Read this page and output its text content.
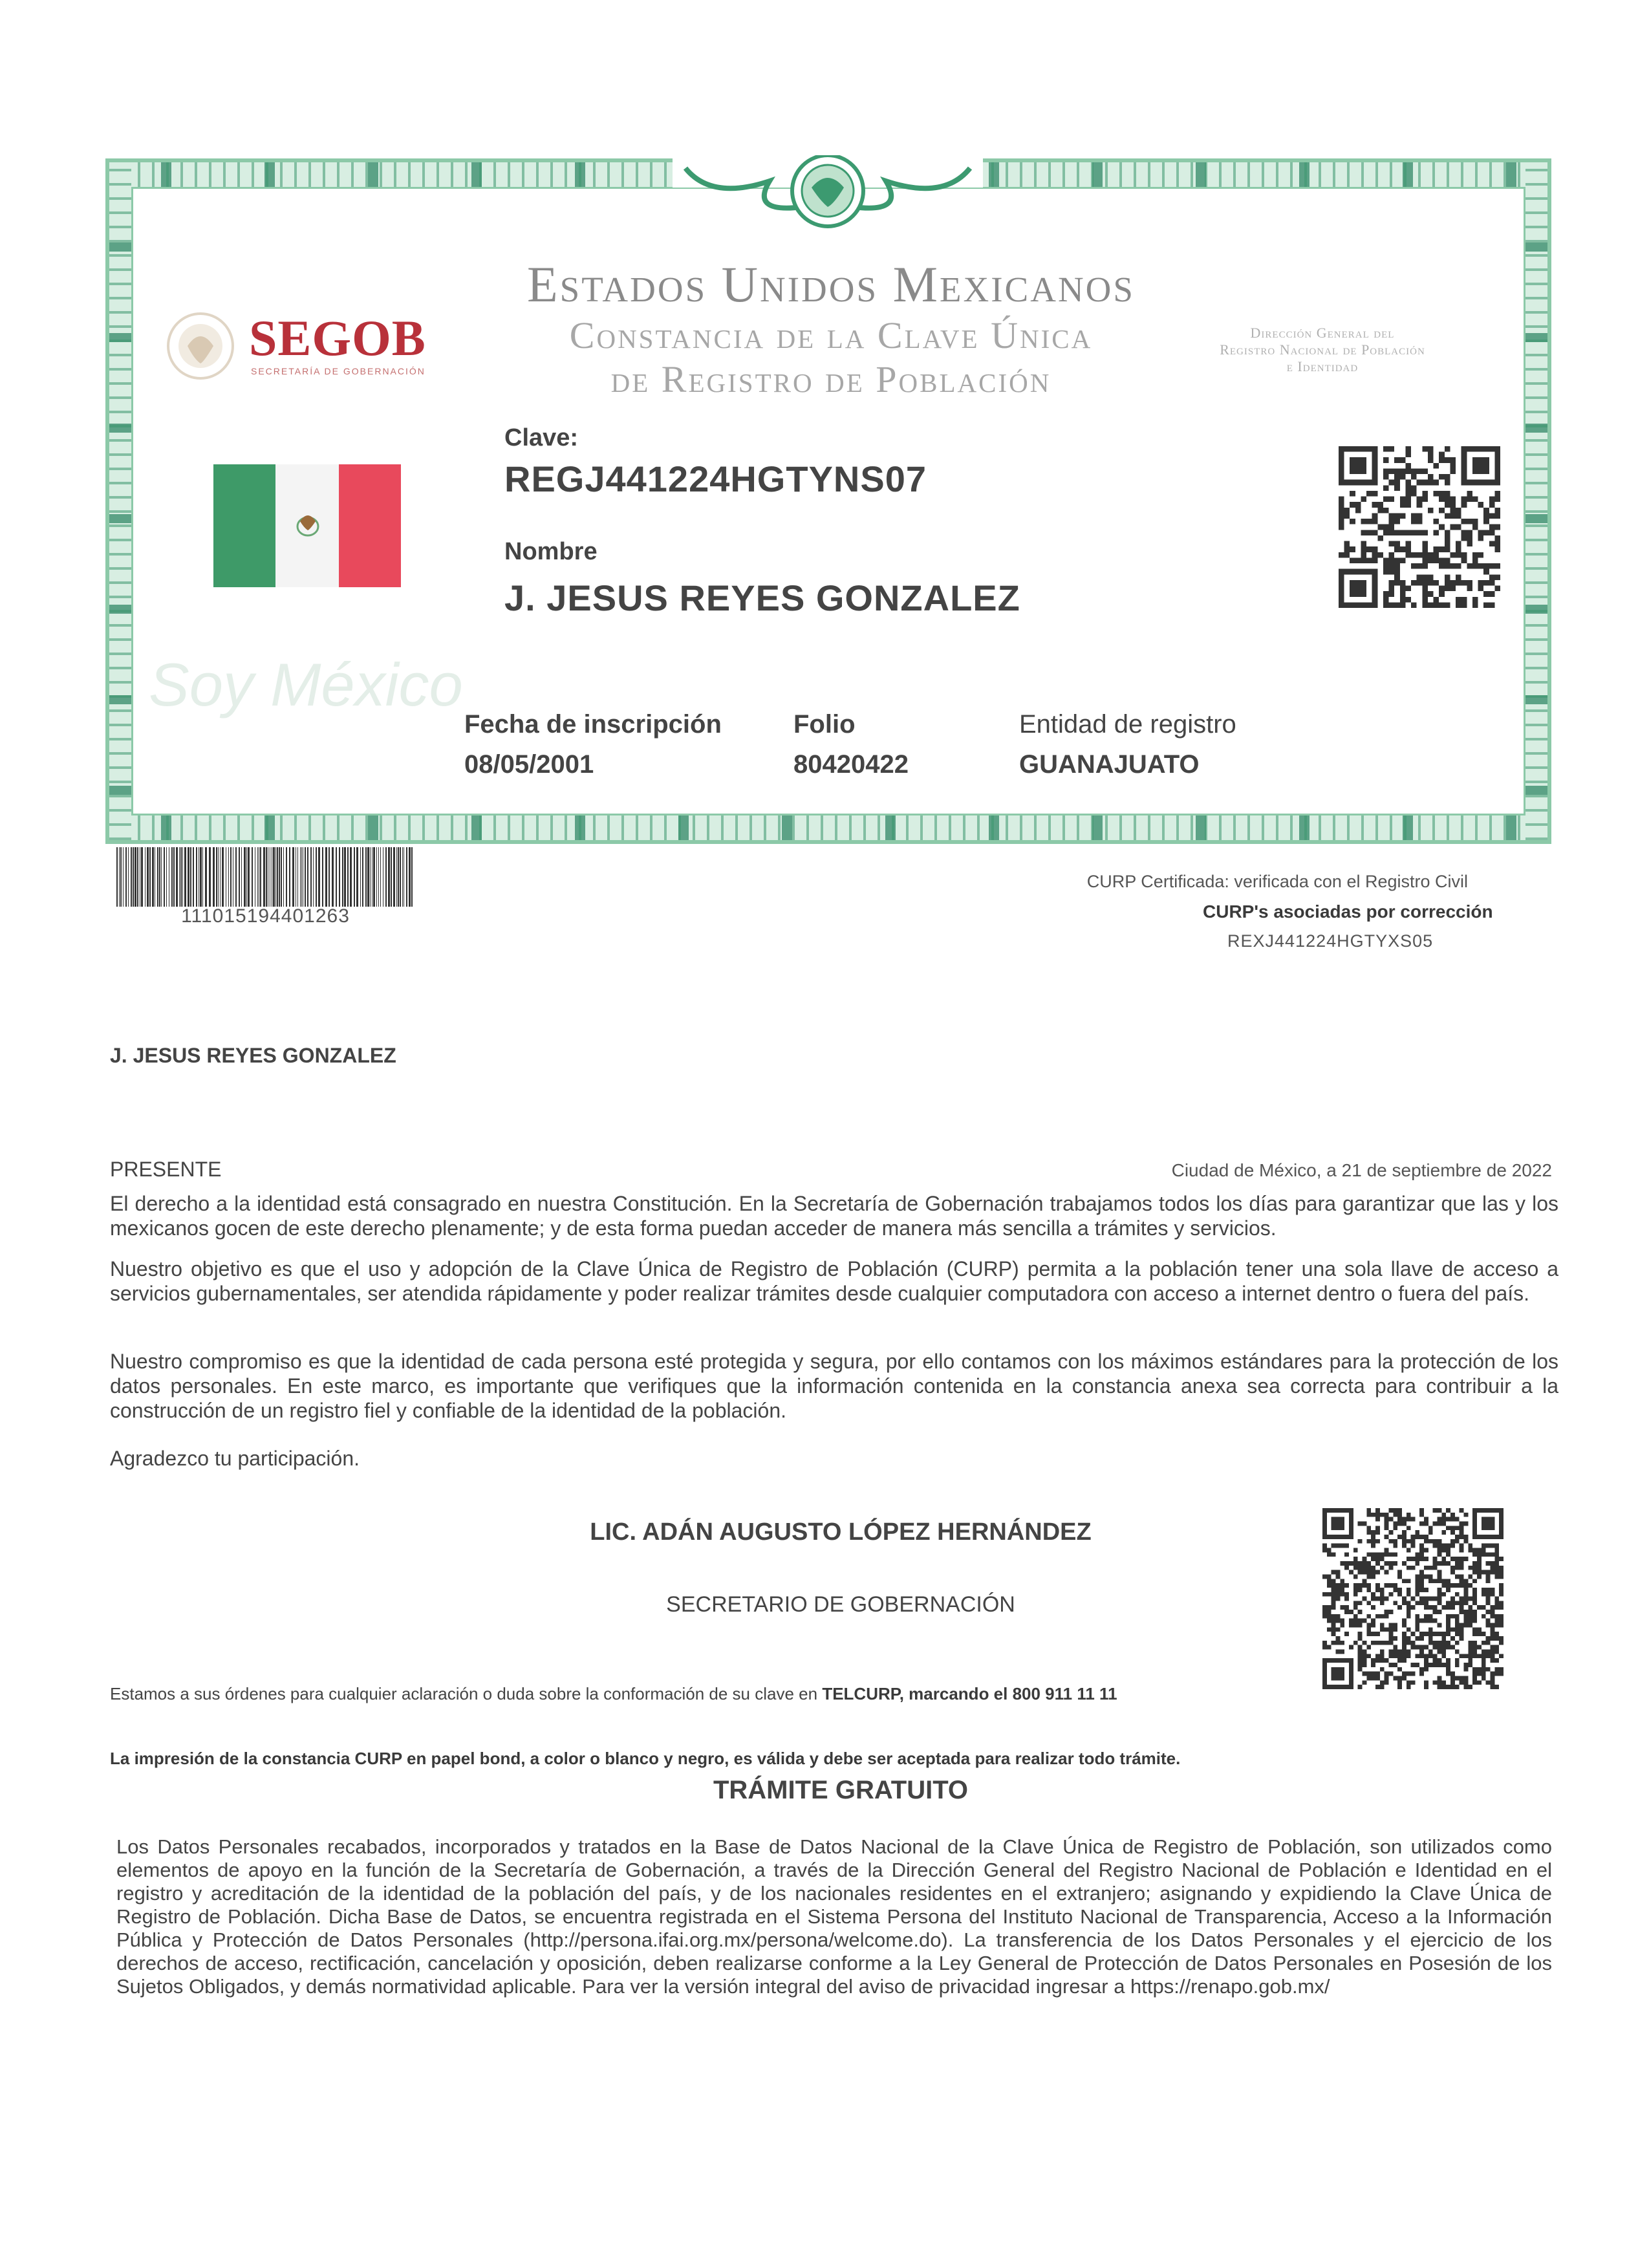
Estados Unidos Mexicanos
Constancia de la Clave Única
de Registro de Población
SEGOB
SECRETARÍA DE GOBERNACIÓN
Dirección General del
Registro Nacional de Población
e Identidad
Soy México
Clave:
REGJ441224HGTYNS07
Nombre
J. JESUS REYES GONZALEZ
Fecha de inscripción
08/05/2001
Folio
80420422
Entidad de registro
GUANAJUATO
111015194401263
CURP Certificada: verificada con el Registro Civil
CURP's asociadas por corrección
REXJ441224HGTYXS05
J. JESUS REYES GONZALEZ
PRESENTE	Ciudad de México, a 21 de septiembre de 2022
El derecho a la identidad está consagrado en nuestra Constitución. En la Secretaría de Gobernación trabajamos todos los días para garantizar que las y los mexicanos gocen de este derecho plenamente; y de esta forma puedan acceder de manera más sencilla a trámites y servicios.
Nuestro objetivo es que el uso y adopción de la Clave Única de Registro de Población (CURP) permita a la población tener una sola llave de acceso a servicios gubernamentales, ser atendida rápidamente y poder realizar trámites desde cualquier computadora con acceso a internet dentro o fuera del país.
Nuestro compromiso es que la identidad de cada persona esté protegida y segura, por ello contamos con los máximos estándares para la protección de los datos personales. En este marco, es importante que verifiques que la información contenida en la constancia anexa sea correcta para contribuir a la construcción de un registro fiel y confiable de la identidad de la población.
Agradezco tu participación.
LIC. ADÁN AUGUSTO LÓPEZ HERNÁNDEZ
SECRETARIO DE GOBERNACIÓN
Estamos a sus órdenes para cualquier aclaración o duda sobre la conformación de su clave en TELCURP, marcando el 800 911 11 11
La impresión de la constancia CURP en papel bond, a color o blanco y negro, es válida y debe ser aceptada para realizar todo trámite.
TRÁMITE GRATUITO
Los Datos Personales recabados, incorporados y tratados en la Base de Datos Nacional de la Clave Única de Registro de Población, son utilizados como elementos de apoyo en la función de la Secretaría de Gobernación, a través de la Dirección General del Registro Nacional de Población e Identidad en el registro y acreditación de la identidad de la población del país, y de los nacionales residentes en el extranjero; asignando y expidiendo la Clave Única de Registro de Población. Dicha Base de Datos, se encuentra registrada en el Sistema Persona del Instituto Nacional de Transparencia, Acceso a la Información Pública y Protección de Datos Personales (http://persona.ifai.org.mx/persona/welcome.do). La transferencia de los Datos Personales y el ejercicio de los derechos de acceso, rectificación, cancelación y oposición, deben realizarse conforme a la Ley General de Protección de Datos Personales en Posesión de los Sujetos Obligados, y demás normatividad aplicable. Para ver la versión integral del aviso de privacidad ingresar a https://renapo.gob.mx/
